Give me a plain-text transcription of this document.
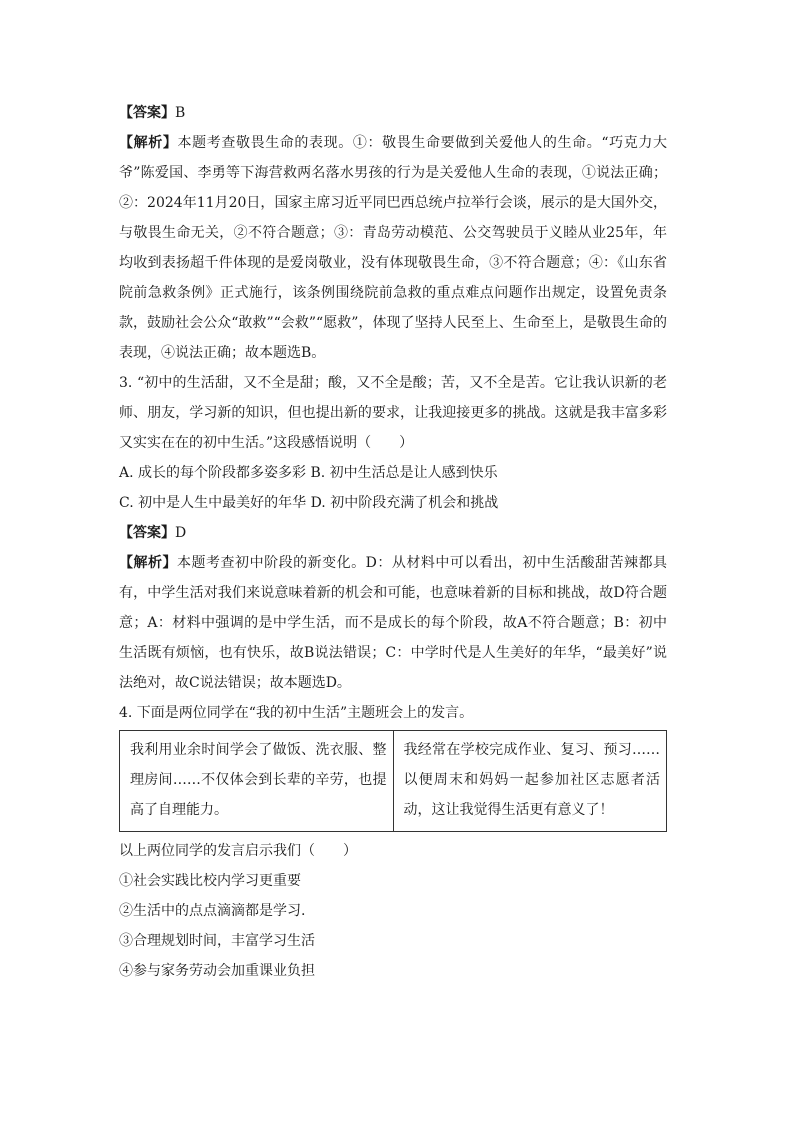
【答案】B
【解析】本题考查敬畏生命的表现。①：敬畏生命要做到关爱他人的生命。“巧克力大爷”陈爱国、李勇等下海营救两名落水男孩的行为是关爱他人生命的表现，①说法正确；②：2024年11月20日，国家主席习近平同巴西总统卢拉举行会谈，展示的是大国外交，与敬畏生命无关，②不符合题意；③：青岛劳动模范、公交驾驶员于义睦从业25年，年均收到表扬超千件体现的是爱岗敬业，没有体现敬畏生命，③不符合题意；④：《山东省院前急救条例》正式施行，该条例围绕院前急救的重点难点问题作出规定，设置免责条款，鼓励社会公众“敢救”“会救”“愿救”，体现了坚持人民至上、生命至上，是敬畏生命的表现，④说法正确；故本题选B。
3. “初中的生活甜，又不全是甜；酸，又不全是酸；苦，又不全是苦。它让我认识新的老师、朋友，学习新的知识，但也提出新的要求，让我迎接更多的挑战。这就是我丰富多彩又实实在在的初中生活。”这段感悟说明（　　）
A. 成长的每个阶段都多姿多彩 B. 初中生活总是让人感到快乐
C. 初中是人生中最美好的年华 D. 初中阶段充满了机会和挑战
【答案】D
【解析】本题考查初中阶段的新变化。D：从材料中可以看出，初中生活酸甜苦辣都具有，中学生活对我们来说意味着新的机会和可能，也意味着新的目标和挑战，故D符合题意；A：材料中强调的是中学生活，而不是成长的每个阶段，故A不符合题意；B：初中生活既有烦恼，也有快乐，故B说法错误；C：中学时代是人生美好的年华，“最美好”说法绝对，故C说法错误；故本题选D。
4. 下面是两位同学在“我的初中生活”主题班会上的发言。
我利用业余时间学会了做饭、洗衣服、整理房间……不仅体会到长辈的辛劳，也提高了自理能力。	我经常在学校完成作业、复习、预习……以便周末和妈妈一起参加社区志愿者活动，这让我觉得生活更有意义了！
以上两位同学的发言启示我们（　　）
①社会实践比校内学习更重要
②生活中的点点滴滴都是学习.
③合理规划时间，丰富学习生活
④参与家务劳动会加重课业负担
